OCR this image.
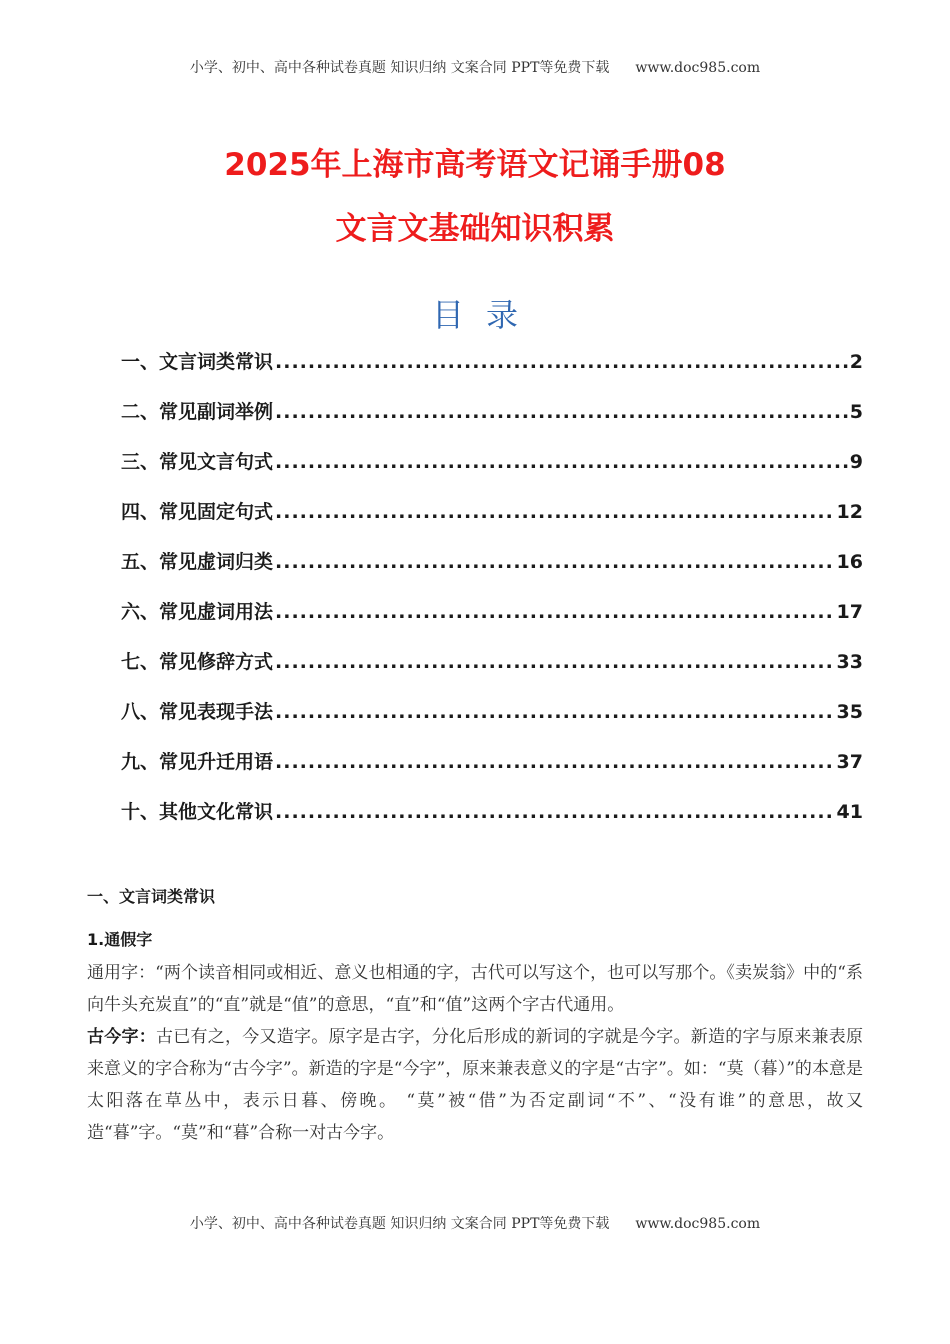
小学、初中、高中各种试卷真题 知识归纳 文案合同 PPT等免费下载 www.doc985.com
2025年上海市高考语文记诵手册08
文言文基础知识积累
目录
一、文言词类常识 .....	2
二、常见副词举例 .....	5
三、常见文言句式 .....	9
四、常见固定句式 .....	12
五、常见虚词归类 .....	16
六、常见虚词用法 .....	17
七、常见修辞方式 .....	33
八、常见表现手法 .....	35
九、常见升迁用语 .....	37
十、其他文化常识 .....	41
一、文言词类常识
1.通假字

通用字：“两个读音相同或相近、意义也相通的字，古代可以写这个，也可以写那个。《卖炭翁》中的“系向牛头充炭直”的“直”就是“值”的意思，“直”和“值”这两个字古代通用。

古今字：古已有之，今又造字。原字是古字，分化后形成的新词的字就是今字。新造的字与原来兼表原来意义的字合称为“古今字”。新造的字是“今字”，原来兼表意义的字是“古字”。如：“莫（暮）”的本意是太阳落在草丛中，表示日暮、傍晚。 “莫”被“借”为否定副词“不”、“没有谁”的意思，故又造“暮”字。“莫”和“暮”合称一对古今字。

小学、初中、高中各种试卷真题 知识归纳 文案合同 PPT等免费下载 www.doc985.com
